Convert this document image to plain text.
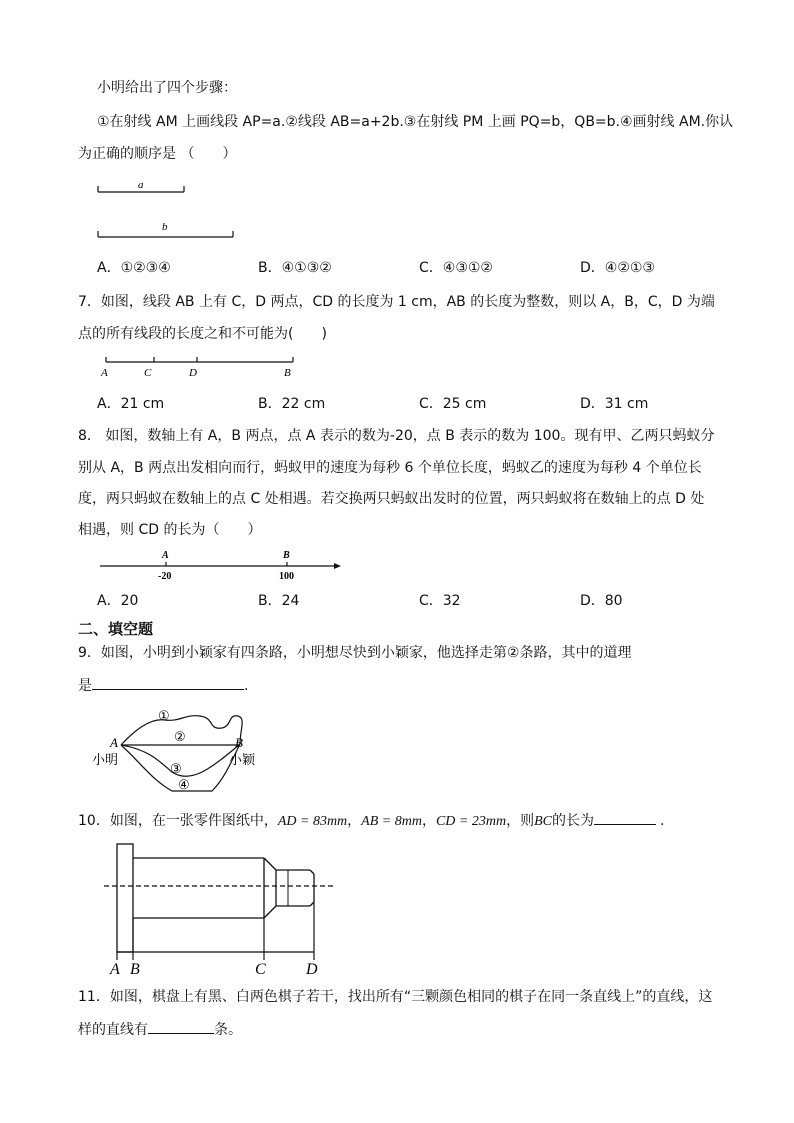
小明给出了四个步骤：
①在射线 AM 上画线段 AP=a.②线段 AB=a+2b.③在射线 PM 上画 PQ=b，QB=b.④画射线 AM.你认
为正确的顺序是 （　　）
a
b
A．①②③④	B．④①③②	C．④③①②	D．④②①③
7．如图，线段 AB 上有 C，D 两点，CD 的长度为 1 cm，AB 的长度为整数，则以 A，B，C，D 为端
点的所有线段的长度之和不可能为(　　)
A	C	D	B
A．21 cm	B．22 cm	C．25 cm	D．31 cm
8． 如图，数轴上有 A，B 两点，点 A 表示的数为-20，点 B 表示的数为 100。现有甲、乙两只蚂蚁分
别从 A，B 两点出发相向而行，蚂蚁甲的速度为每秒 6 个单位长度，蚂蚁乙的速度为每秒 4 个单位长
度，两只蚂蚁在数轴上的点 C 处相遇。若交换两只蚂蚁出发时的位置，两只蚂蚁将在数轴上的点 D 处
相遇，则 CD 的长为（　　）
A	B
-20	100
A．20	B．24	C．32	D．80
二、填空题
9．如图，小明到小颖家有四条路，小明想尽快到小颖家，他选择走第②条路，其中的道理
是	.
①
②
③
④
A	B
小明	小颖
10．如图，在一张零件图纸中，AD = 83mm，AB = 8mm，CD = 23mm，则BC的长为	.
A B	C	D
11．如图，棋盘上有黑、白两色棋子若干，找出所有“三颗颜色相同的棋子在同一条直线上”的直线，这
样的直线有	条。
